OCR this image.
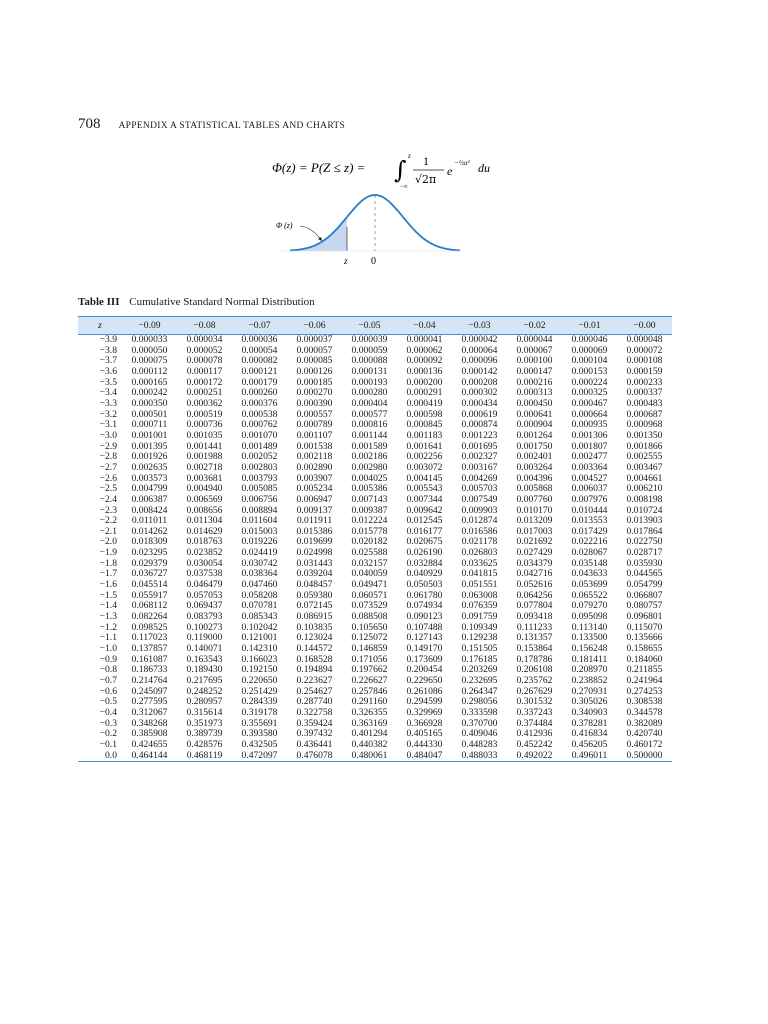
708 APPENDIX A STATISTICAL TABLES AND CHARTS
Φ(z) = P(Z ≤ z) = ∫ z
−∞
1
√2π
e
−½u² du
Φ (z)
z 0
Table III Cumulative Standard Normal Distribution
z	−0.09	−0.08	−0.07	−0.06	−0.05	−0.04	−0.03	−0.02	−0.01	−0.00
−3.9	0.000033	0.000034	0.000036	0.000037	0.000039	0.000041	0.000042	0.000044	0.000046	0.000048
−3.8	0.000050	0.000052	0.000054	0.000057	0.000059	0.000062	0.000064	0.000067	0.000069	0.000072
−3.7	0.000075	0.000078	0.000082	0.000085	0.000088	0.000092	0.000096	0.000100	0.000104	0.000108
−3.6	0.000112	0.000117	0.000121	0.000126	0.000131	0.000136	0.000142	0.000147	0.000153	0.000159
−3.5	0.000165	0.000172	0.000179	0.000185	0.000193	0.000200	0.000208	0.000216	0.000224	0.000233
−3.4	0.000242	0.000251	0.000260	0.000270	0.000280	0.000291	0.000302	0.000313	0.000325	0.000337
−3.3	0.000350	0.000362	0.000376	0.000390	0.000404	0.000419	0.000434	0.000450	0.000467	0.000483
−3.2	0.000501	0.000519	0.000538	0.000557	0.000577	0.000598	0.000619	0.000641	0.000664	0.000687
−3.1	0.000711	0.000736	0.000762	0.000789	0.000816	0.000845	0.000874	0.000904	0.000935	0.000968
−3.0	0.001001	0.001035	0.001070	0.001107	0.001144	0.001183	0.001223	0.001264	0.001306	0.001350
−2.9	0.001395	0.001441	0.001489	0.001538	0.001589	0.001641	0.001695	0.001750	0.001807	0.001866
−2.8	0.001926	0.001988	0.002052	0.002118	0.002186	0.002256	0.002327	0.002401	0.002477	0.002555
−2.7	0.002635	0.002718	0.002803	0.002890	0.002980	0.003072	0.003167	0.003264	0.003364	0.003467
−2.6	0.003573	0.003681	0.003793	0.003907	0.004025	0.004145	0.004269	0.004396	0.004527	0.004661
−2.5	0.004799	0.004940	0.005085	0.005234	0.005386	0.005543	0.005703	0.005868	0.006037	0.006210
−2.4	0.006387	0.006569	0.006756	0.006947	0.007143	0.007344	0.007549	0.007760	0.007976	0.008198
−2.3	0.008424	0.008656	0.008894	0.009137	0.009387	0.009642	0.009903	0.010170	0.010444	0.010724
−2.2	0.011011	0.011304	0.011604	0.011911	0.012224	0.012545	0.012874	0.013209	0.013553	0.013903
−2.1	0.014262	0.014629	0.015003	0.015386	0.015778	0.016177	0.016586	0.017003	0.017429	0.017864
−2.0	0.018309	0.018763	0.019226	0.019699	0.020182	0.020675	0.021178	0.021692	0.022216	0.022750
−1.9	0.023295	0.023852	0.024419	0.024998	0.025588	0.026190	0.026803	0.027429	0.028067	0.028717
−1.8	0.029379	0.030054	0.030742	0.031443	0.032157	0.032884	0.033625	0.034379	0.035148	0.035930
−1.7	0.036727	0.037538	0.038364	0.039204	0.040059	0.040929	0.041815	0.042716	0.043633	0.044565
−1.6	0.045514	0.046479	0.047460	0.048457	0.049471	0.050503	0.051551	0.052616	0.053699	0.054799
−1.5	0.055917	0.057053	0.058208	0.059380	0.060571	0.061780	0.063008	0.064256	0.065522	0.066807
−1.4	0.068112	0.069437	0.070781	0.072145	0.073529	0.074934	0.076359	0.077804	0.079270	0.080757
−1.3	0.082264	0.083793	0.085343	0.086915	0.088508	0.090123	0.091759	0.093418	0.095098	0.096801
−1.2	0.098525	0.100273	0.102042	0.103835	0.105650	0.107488	0.109349	0.111233	0.113140	0.115070
−1.1	0.117023	0.119000	0.121001	0.123024	0.125072	0.127143	0.129238	0.131357	0.133500	0.135666
−1.0	0.137857	0.140071	0.142310	0.144572	0.146859	0.149170	0.151505	0.153864	0.156248	0.158655
−0.9	0.161087	0.163543	0.166023	0.168528	0.171056	0.173609	0.176185	0.178786	0.181411	0.184060
−0.8	0.186733	0.189430	0.192150	0.194894	0.197662	0.200454	0.203269	0.206108	0.208970	0.211855
−0.7	0.214764	0.217695	0.220650	0.223627	0.226627	0.229650	0.232695	0.235762	0.238852	0.241964
−0.6	0.245097	0.248252	0.251429	0.254627	0.257846	0.261086	0.264347	0.267629	0.270931	0.274253
−0.5	0.277595	0.280957	0.284339	0.287740	0.291160	0.294599	0.298056	0.301532	0.305026	0.308538
−0.4	0.312067	0.315614	0.319178	0.322758	0.326355	0.329969	0.333598	0.337243	0.340903	0.344578
−0.3	0.348268	0.351973	0.355691	0.359424	0.363169	0.366928	0.370700	0.374484	0.378281	0.382089
−0.2	0.385908	0.389739	0.393580	0.397432	0.401294	0.405165	0.409046	0.412936	0.416834	0.420740
−0.1	0.424655	0.428576	0.432505	0.436441	0.440382	0.444330	0.448283	0.452242	0.456205	0.460172
0.0	0.464144	0.468119	0.472097	0.476078	0.480061	0.484047	0.488033	0.492022	0.496011	0.500000
